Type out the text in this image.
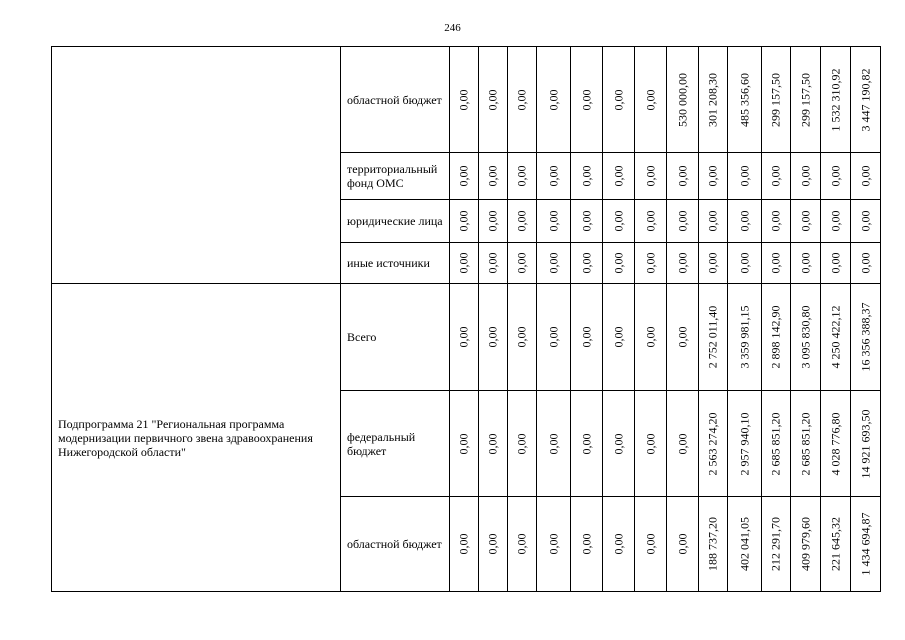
246
	областной бюджет	0,00	0,00	0,00	0,00	0,00	0,00	0,00	530 000,00	301 208,30	485 356,60	299 157,50	299 157,50	1 532 310,92	3 447 190,82

	территориальный фонд ОМС	0,00	0,00	0,00	0,00	0,00	0,00	0,00	0,00	0,00	0,00	0,00	0,00	0,00	0,00

	юридические лица	0,00	0,00	0,00	0,00	0,00	0,00	0,00	0,00	0,00	0,00	0,00	0,00	0,00	0,00

	иные источники	0,00	0,00	0,00	0,00	0,00	0,00	0,00	0,00	0,00	0,00	0,00	0,00	0,00	0,00

Подпрограмма 21 "Региональная программа модернизации первичного звена здравоохранения Нижегородской области"	Всего	0,00	0,00	0,00	0,00	0,00	0,00	0,00	0,00	2 752 011,40	3 359 981,15	2 898 142,90	3 095 830,80	4 250 422,12	16 356 388,37

	федеральный бюджет	0,00	0,00	0,00	0,00	0,00	0,00	0,00	0,00	2 563 274,20	2 957 940,10	2 685 851,20	2 685 851,20	4 028 776,80	14 921 693,50

	областной бюджет	0,00	0,00	0,00	0,00	0,00	0,00	0,00	0,00	188 737,20	402 041,05	212 291,70	409 979,60	221 645,32	1 434 694,87
